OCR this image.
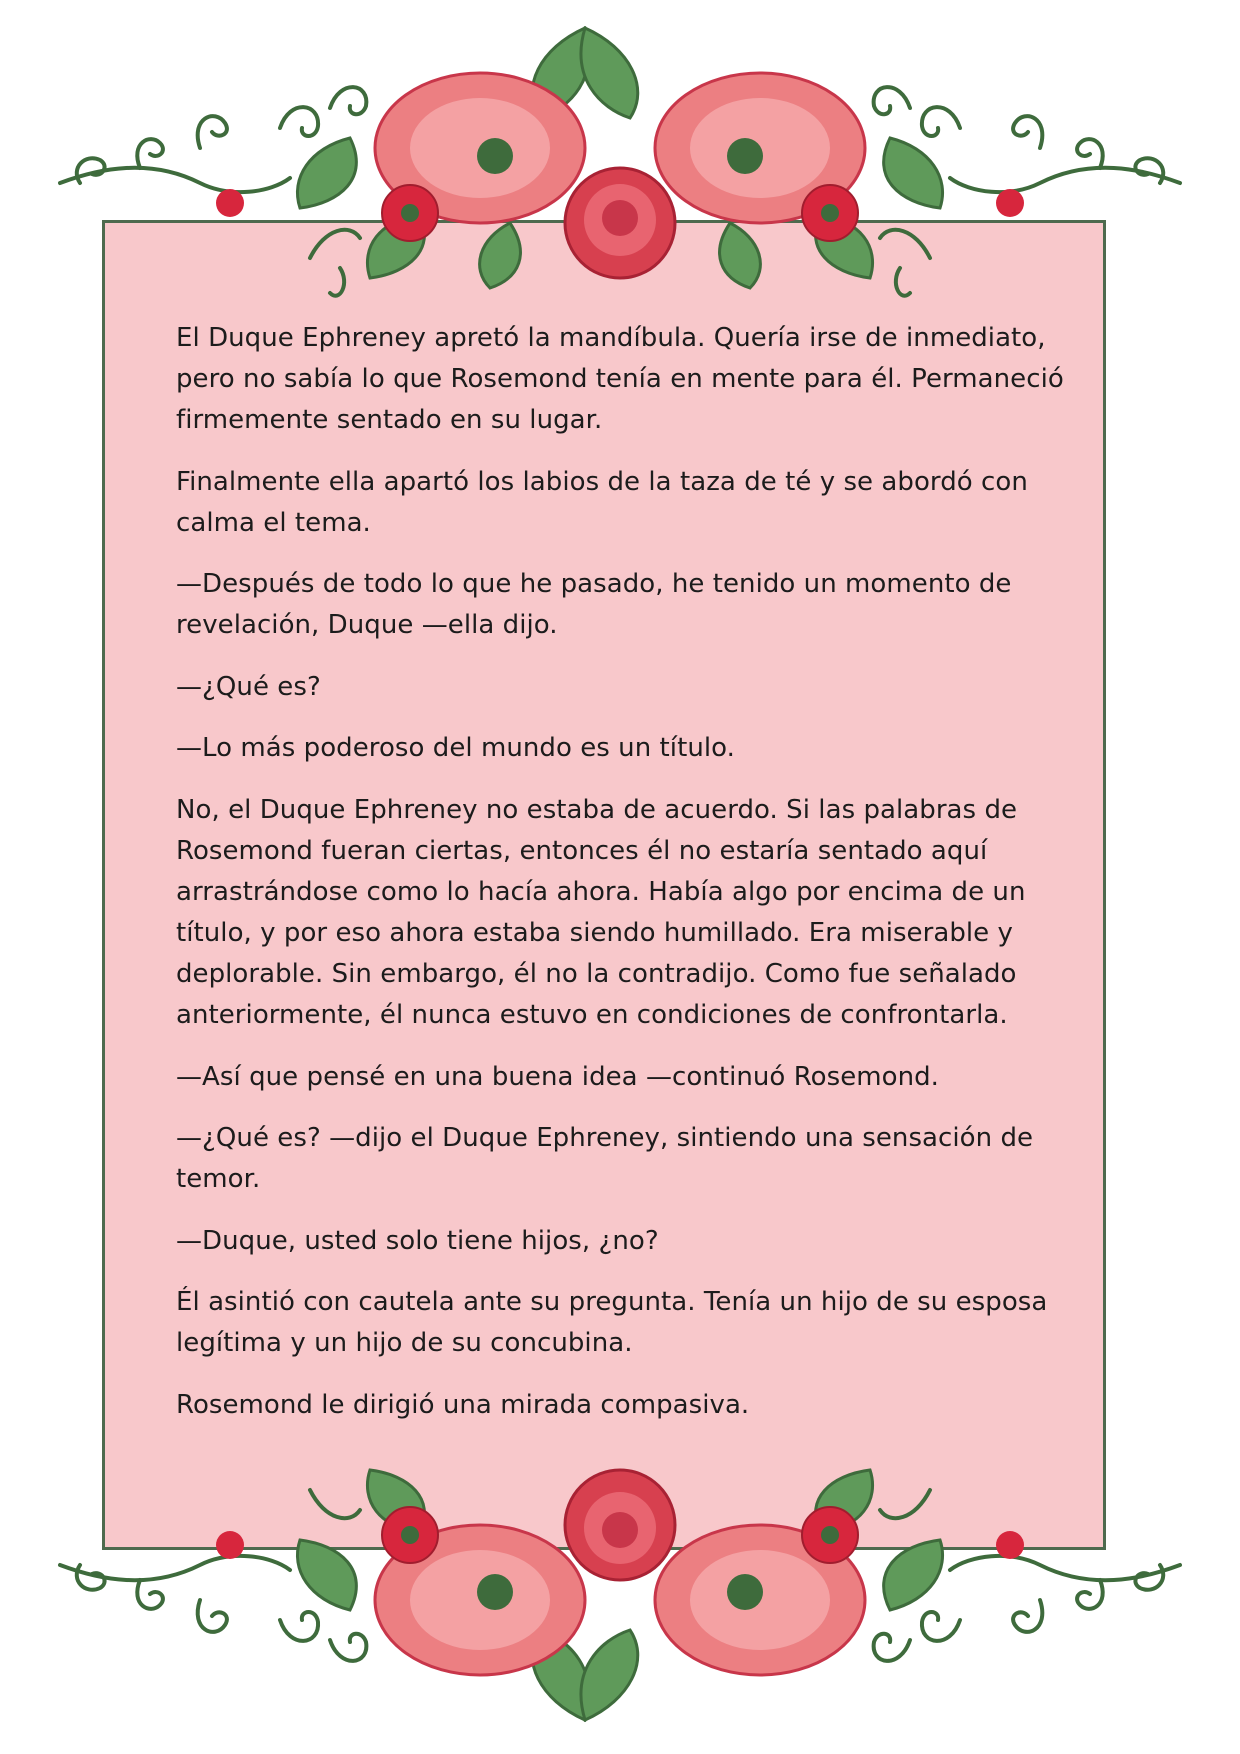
El Duque Ephreney apretó la mandíbula. Quería irse de inmediato, pero no sabía lo que Rosemond tenía en mente para él. Permaneció firmemente sentado en su lugar.

Finalmente ella apartó los labios de la taza de té y se abordó con calma el tema.

—Después de todo lo que he pasado, he tenido un momento de revelación, Duque —ella dijo.

—¿Qué es?

—Lo más poderoso del mundo es un título.

No, el Duque Ephreney no estaba de acuerdo. Si las palabras de Rosemond fueran ciertas, entonces él no estaría sentado aquí arrastrándose como lo hacía ahora. Había algo por encima de un título, y por eso ahora estaba siendo humillado. Era miserable y deplorable. Sin embargo, él no la contradijo. Como fue señalado anteriormente, él nunca estuvo en condiciones de confrontarla.

—Así que pensé en una buena idea —continuó Rosemond.

—¿Qué es? —dijo el Duque Ephreney, sintiendo una sensación de temor.

—Duque, usted solo tiene hijos, ¿no?

Él asintió con cautela ante su pregunta. Tenía un hijo de su esposa legítima y un hijo de su concubina.

Rosemond le dirigió una mirada compasiva.
